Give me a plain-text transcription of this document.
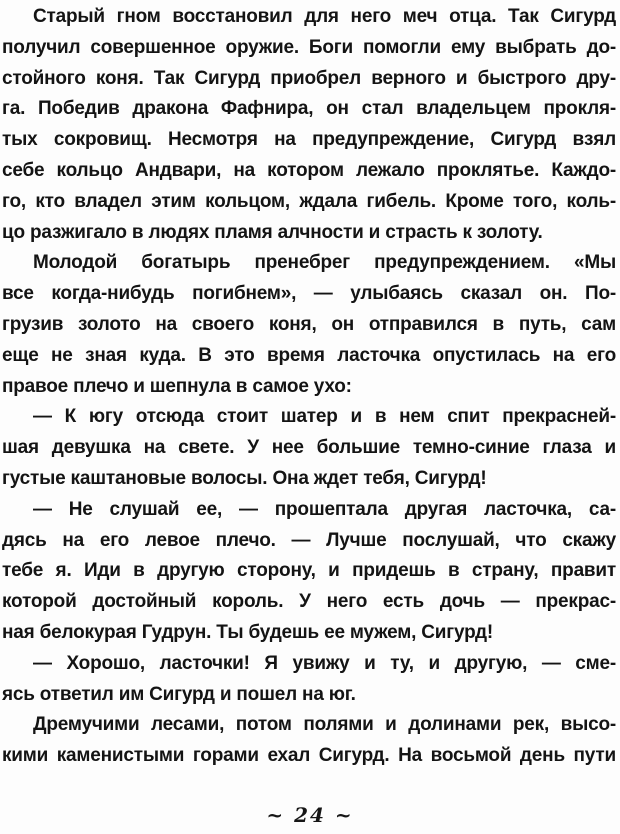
Старый гном восстановил для него меч отца. Так Сигурд
получил совершенное оружие. Боги помогли ему выбрать до-
стойного коня. Так Сигурд приобрел верного и быстрого дру-
га. Победив дракона Фафнира, он стал владельцем прокля-
тых сокровищ. Несмотря на предупреждение, Сигурд взял
себе кольцо Андвари, на котором лежало проклятье. Каждо-
го, кто владел этим кольцом, ждала гибель. Кроме того, коль-
цо разжигало в людях пламя алчности и страсть к золоту.
Молодой богатырь пренебрег предупреждением. «Мы
все когда-нибудь погибнем», — улыбаясь сказал он. По-
грузив золото на своего коня, он отправился в путь, сам
еще не зная куда. В это время ласточка опустилась на его
правое плечо и шепнула в самое ухо:
— К югу отсюда стоит шатер и в нем спит прекрасней-
шая девушка на свете. У нее большие темно-синие глаза и
густые каштановые волосы. Она ждет тебя, Сигурд!
— Не слушай ее, — прошептала другая ласточка, са-
дясь на его левое плечо. — Лучше послушай, что скажу
тебе я. Иди в другую сторону, и придешь в страну, правит
которой достойный король. У него есть дочь — прекрас-
ная белокурая Гудрун. Ты будешь ее мужем, Сигурд!
— Хорошо, ласточки! Я увижу и ту, и другую, — сме-
ясь ответил им Сигурд и пошел на юг.
Дремучими лесами, потом полями и долинами рек, высо-
кими каменистыми горами ехал Сигурд. На восьмой день пути
~ 24 ~
